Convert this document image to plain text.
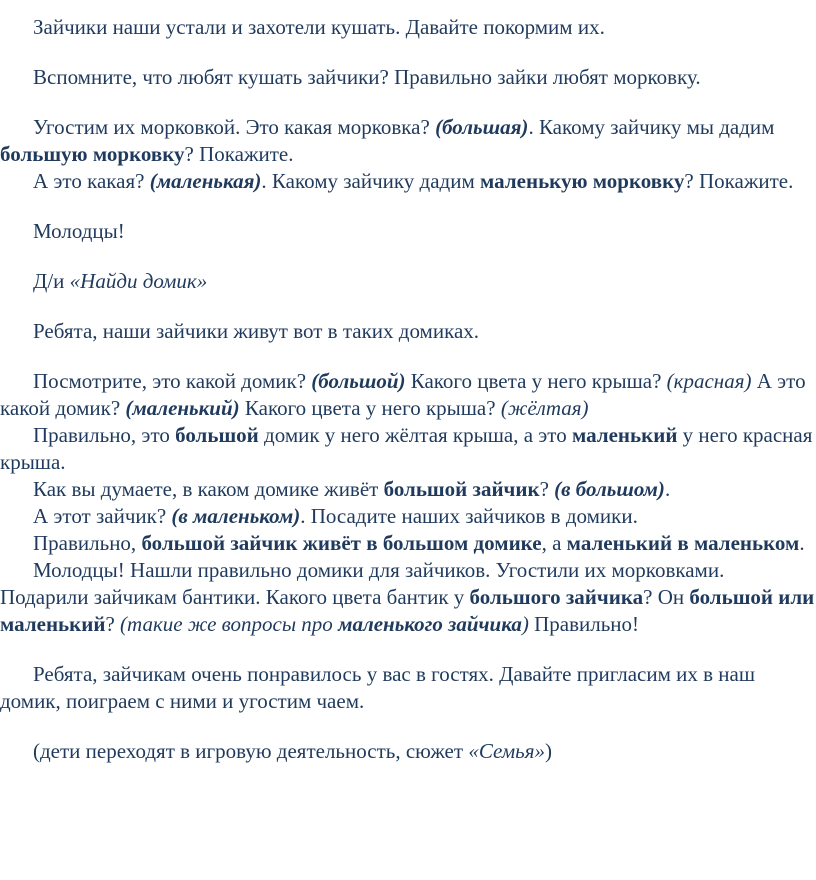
Зайчики наши устали и захотели кушать. Давайте покормим их.

Вспомните, что любят кушать зайчики? Правильно зайки любят морковку.

Угостим их морковкой. Это какая морковка? (большая). Какому зайчику мы дадим большую морковку? Покажите.

А это какая? (маленькая). Какому зайчику дадим маленькую морковку? Покажите.

Молодцы!

Д/и «Найди домик»

Ребята, наши зайчики живут вот в таких домиках.

Посмотрите, это какой домик? (большой) Какого цвета у него крыша? (красная) А это какой домик? (маленький) Какого цвета у него крыша? (жёлтая)

Правильно, это большой домик у него жёлтая крыша, а это маленький у него красная крыша.

Как вы думаете, в каком домике живёт большой зайчик? (в большом).

А этот зайчик? (в маленьком). Посадите наших зайчиков в домики.

Правильно, большой зайчик живёт в большом домике, а маленький в маленьком.

Молодцы! Нашли правильно домики для зайчиков. Угостили их морковками. Подарили зайчикам бантики. Какого цвета бантик у большого зайчика? Он большой или маленький? (такие же вопросы про маленького зайчика) Правильно!

Ребята, зайчикам очень понравилось у вас в гостях. Давайте пригласим их в наш домик, поиграем с ними и угостим чаем.

(дети переходят в игровую деятельность, сюжет «Семья»)
